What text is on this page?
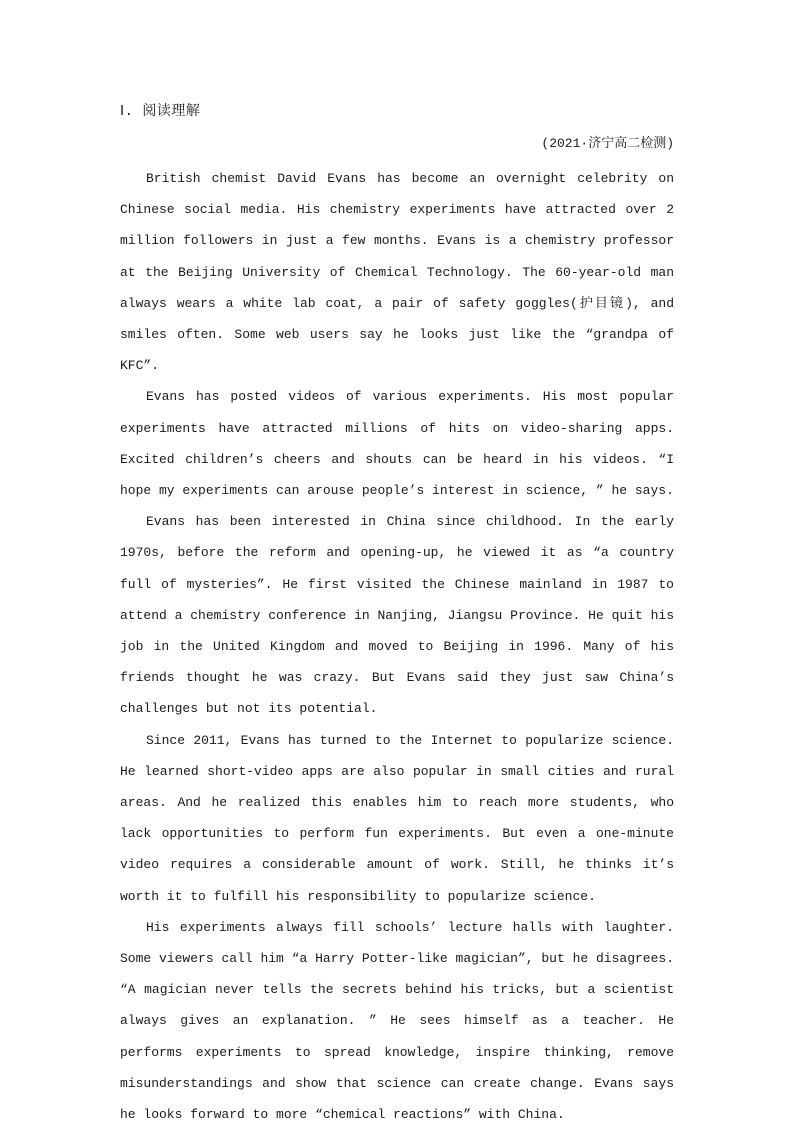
Ⅰ. 阅读理解
(2021·济宁高二检测)

British chemist David Evans has become an overnight celebrity on Chinese social media. His chemistry experiments have attracted over 2 million followers in just a few months. Evans is a chemistry professor at the Beijing University of Chemical Technology. The 60-year-old man always wears a white lab coat, a pair of safety goggles(护目镜), and smiles often. Some web users say he looks just like the “grandpa of KFC”.

Evans has posted videos of various experiments. His most popular experiments have attracted millions of hits on video-sharing apps. Excited children’s cheers and shouts can be heard in his videos. “I hope my experiments can arouse people’s interest in science, ” he says.

Evans has been interested in China since childhood. In the early 1970s, before the reform and opening-up, he viewed it as “a country full of mysteries”. He first visited the Chinese mainland in 1987 to attend a chemistry conference in Nanjing, Jiangsu Province. He quit his job in the United Kingdom and moved to Beijing in 1996. Many of his friends thought he was crazy. But Evans said they just saw China’s challenges but not its potential.

Since 2011, Evans has turned to the Internet to popularize science. He learned short-video apps are also popular in small cities and rural areas. And he realized this enables him to reach more students, who lack opportunities to perform fun experiments. But even a one-minute video requires a considerable amount of work. Still, he thinks it’s worth it to fulfill his responsibility to popularize science.

His experiments always fill schools’ lecture halls with laughter. Some viewers call him “a Harry Potter-like magician”, but he disagrees. “A magician never tells the secrets behind his tricks, but a scientist always gives an explanation. ” He sees himself as a teacher. He performs experiments to spread knowledge, inspire thinking, remove misunderstandings and show that science can create change. Evans says he looks forward to more “chemical reactions” with China.
